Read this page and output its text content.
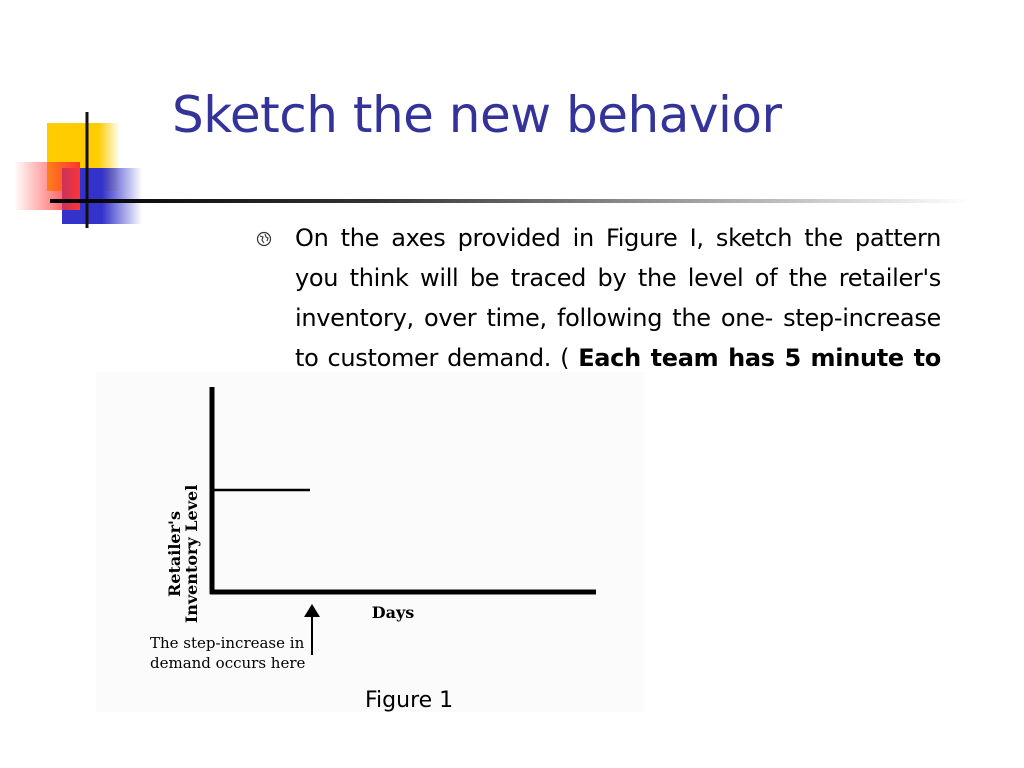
Sketch the new behavior

On the axes provided in Figure I, sketch the pattern you think will be traced by the level of the retailer's inventory, over time, following the one- step-increase to customer demand. ( Each team has 5 minute to

Retailer's
Inventory Level	Days
The step-increase in
demand occurs here

Figure 1
